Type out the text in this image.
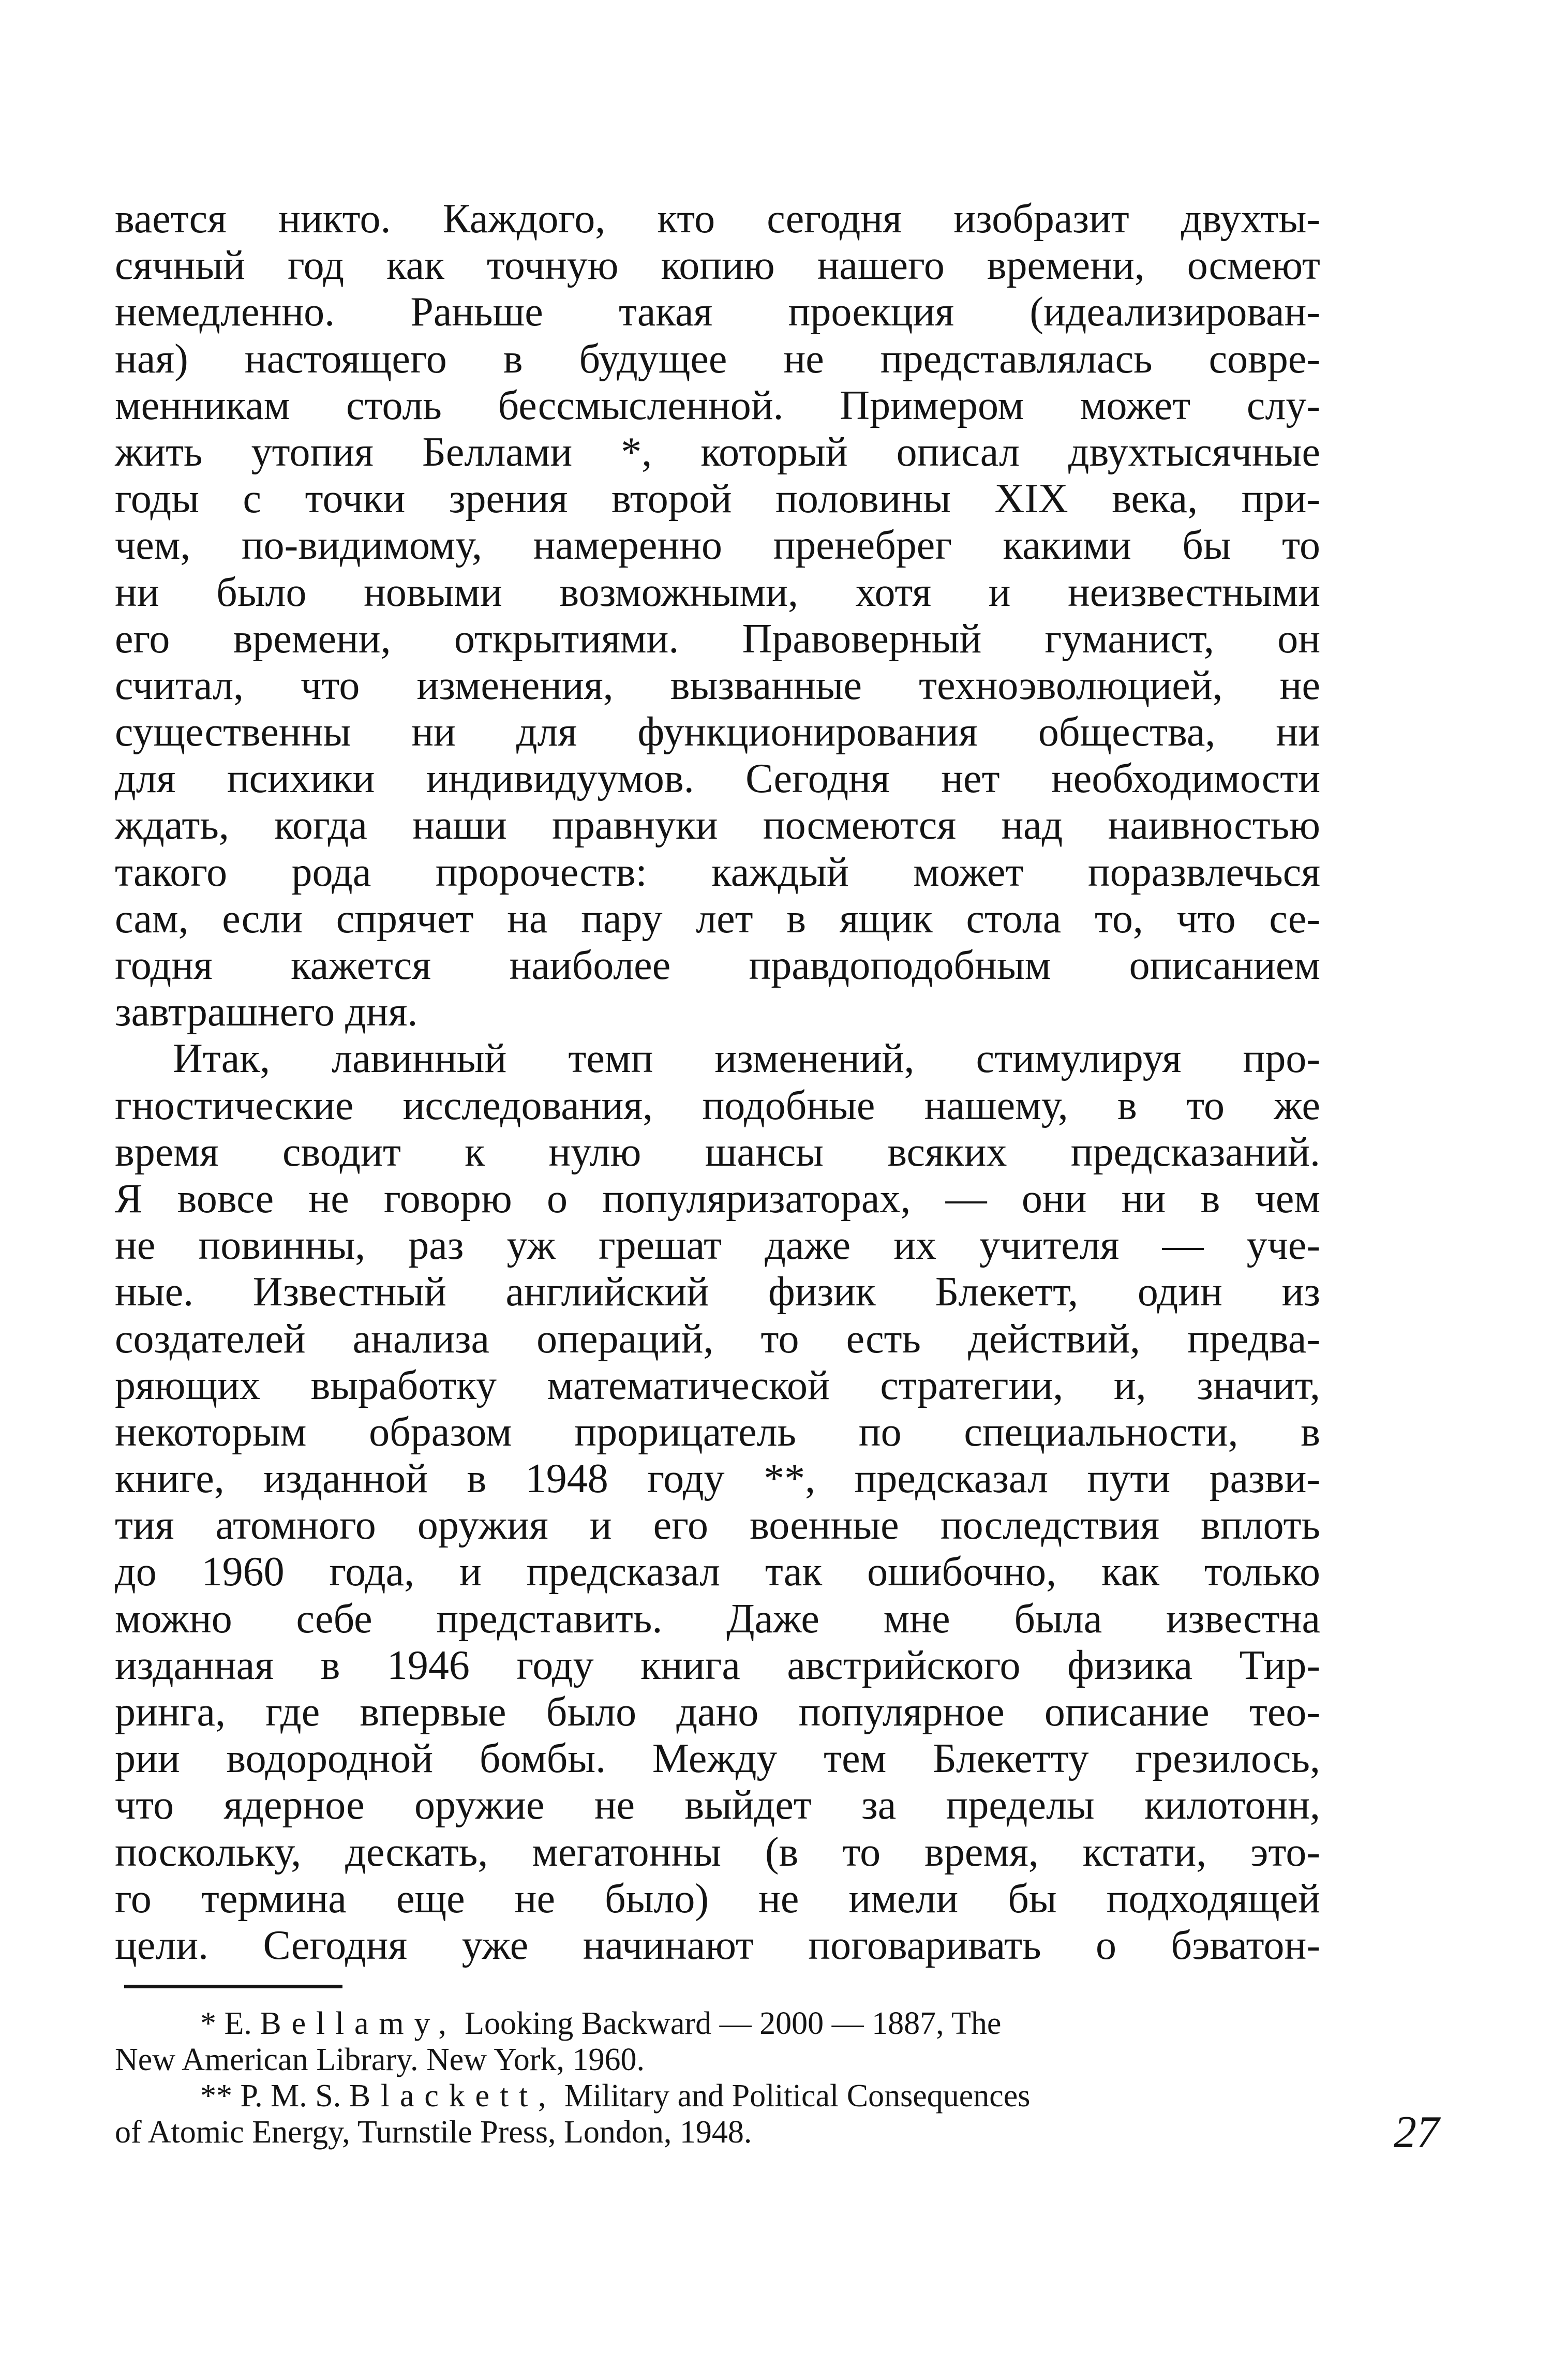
вается никто. Каждого, кто сегодня изобразит двухты-
сячный год как точную копию нашего времени, осмеют
немедленно. Раньше такая проекция (идеализирован-
ная) настоящего в будущее не представлялась совре-
менникам столь бессмысленной. Примером может слу-
жить утопия Беллами *, который описал двухтысячные
годы с точки зрения второй половины XIX века, при-
чем, по-видимому, намеренно пренебрег какими бы то
ни было новыми возможными, хотя и неизвестными
его времени, открытиями. Правоверный гуманист, он
считал, что изменения, вызванные техноэволюцией, не
существенны ни для функционирования общества, ни
для психики индивидуумов. Сегодня нет необходимости
ждать, когда наши правнуки посмеются над наивностью
такого рода пророчеств: каждый может поразвлечься
сам, если спрячет на пару лет в ящик стола то, что се-
годня кажется наиболее правдоподобным описанием
завтрашнего дня.
Итак, лавинный темп изменений, стимулируя про-
гностические исследования, подобные нашему, в то же
время сводит к нулю шансы всяких предсказаний.
Я вовсе не говорю о популяризаторах, — они ни в чем
не повинны, раз уж грешат даже их учителя — уче-
ные. Известный английский физик Блекетт, один из
создателей анализа операций, то есть действий, предва-
ряющих выработку математической стратегии, и, значит,
некоторым образом прорицатель по специальности, в
книге, изданной в 1948 году **, предсказал пути разви-
тия атомного оружия и его военные последствия вплоть
до 1960 года, и предсказал так ошибочно, как только
можно себе представить. Даже мне была известна
изданная в 1946 году книга австрийского физика Тир-
ринга, где впервые было дано популярное описание тео-
рии водородной бомбы. Между тем Блекетту грезилось,
что ядерное оружие не выйдет за пределы килотонн,
поскольку, дескать, мегатонны (в то время, кстати, это-
го термина еще не было) не имели бы подходящей
цели. Сегодня уже начинают поговаривать о бэватон-
* E. Bellamy, Looking Backward — 2000 — 1887, The
New American Library. New York, 1960.
** P. M. S. Blackett, Military and Political Consequences
of Atomic Energy, Turnstile Press, London, 1948.	27
